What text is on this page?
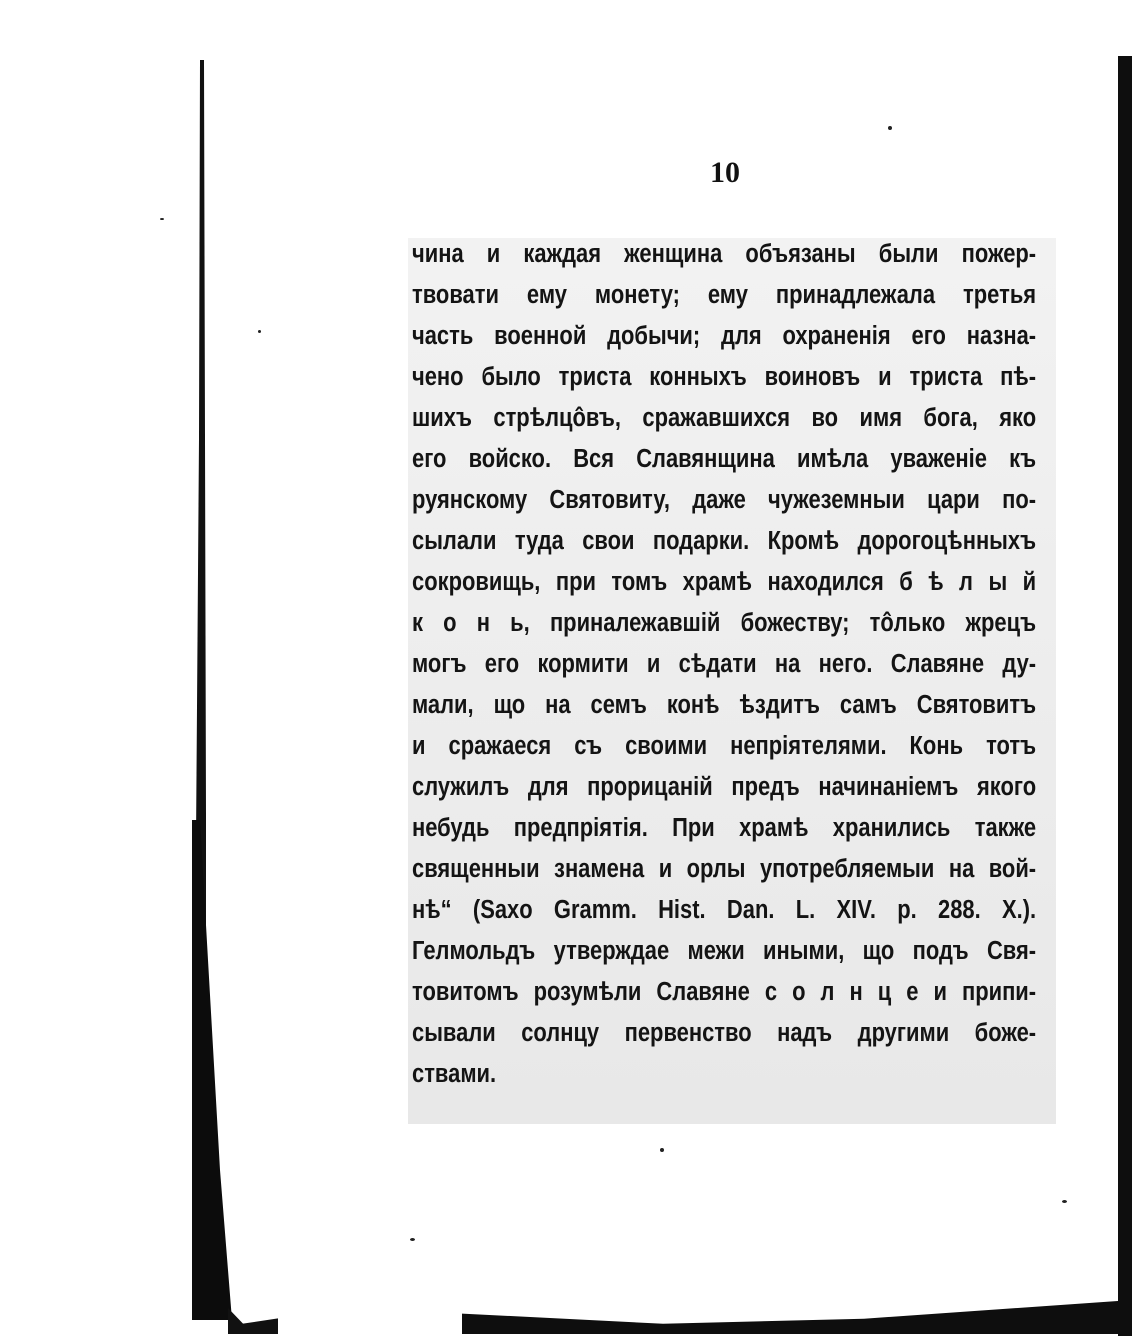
10
чина и каждая женщина объязаны были пожер-
твовати ему монету; ему принадлежала третья
часть военной добычи; для охраненія его назна-
чено было триста конныхъ воиновъ и триста пѣ-
шихъ стрѣлцôвъ, сражавшихся во имя бога, яко
его войско. Вся Славянщина имѣла уваженіе къ
руянскому Святовиту, даже чужеземныи цари по-
сылали туда свои подарки. Кромѣ дорогоцѣнныхъ
сокровищь, при томъ храмѣ находился б ѣ л ы й
к о н ь, приналежавшій божеству; тôлько жрецъ
могъ его кормити и сѣдати на него. Славяне ду-
мали, що на семъ конѣ ѣздитъ самъ Святовитъ
и сражаеся съ своими непріятелями. Конь тотъ
служилъ для прорицаній предъ начинаніемъ якого
небудь предпріятія. При храмѣ хранились также
священныи знамена и орлы употребляемыи на вой-
нѣ“ (Saxo Gramm. Hist. Dan. L. XIV. p. 288. X.).
Гелмольдъ утверждае межи иными, що подъ Свя-
товитомъ розумѣли Славяне с о л н ц е и припи-
сывали солнцу первенство надъ другими боже-
ствами.
